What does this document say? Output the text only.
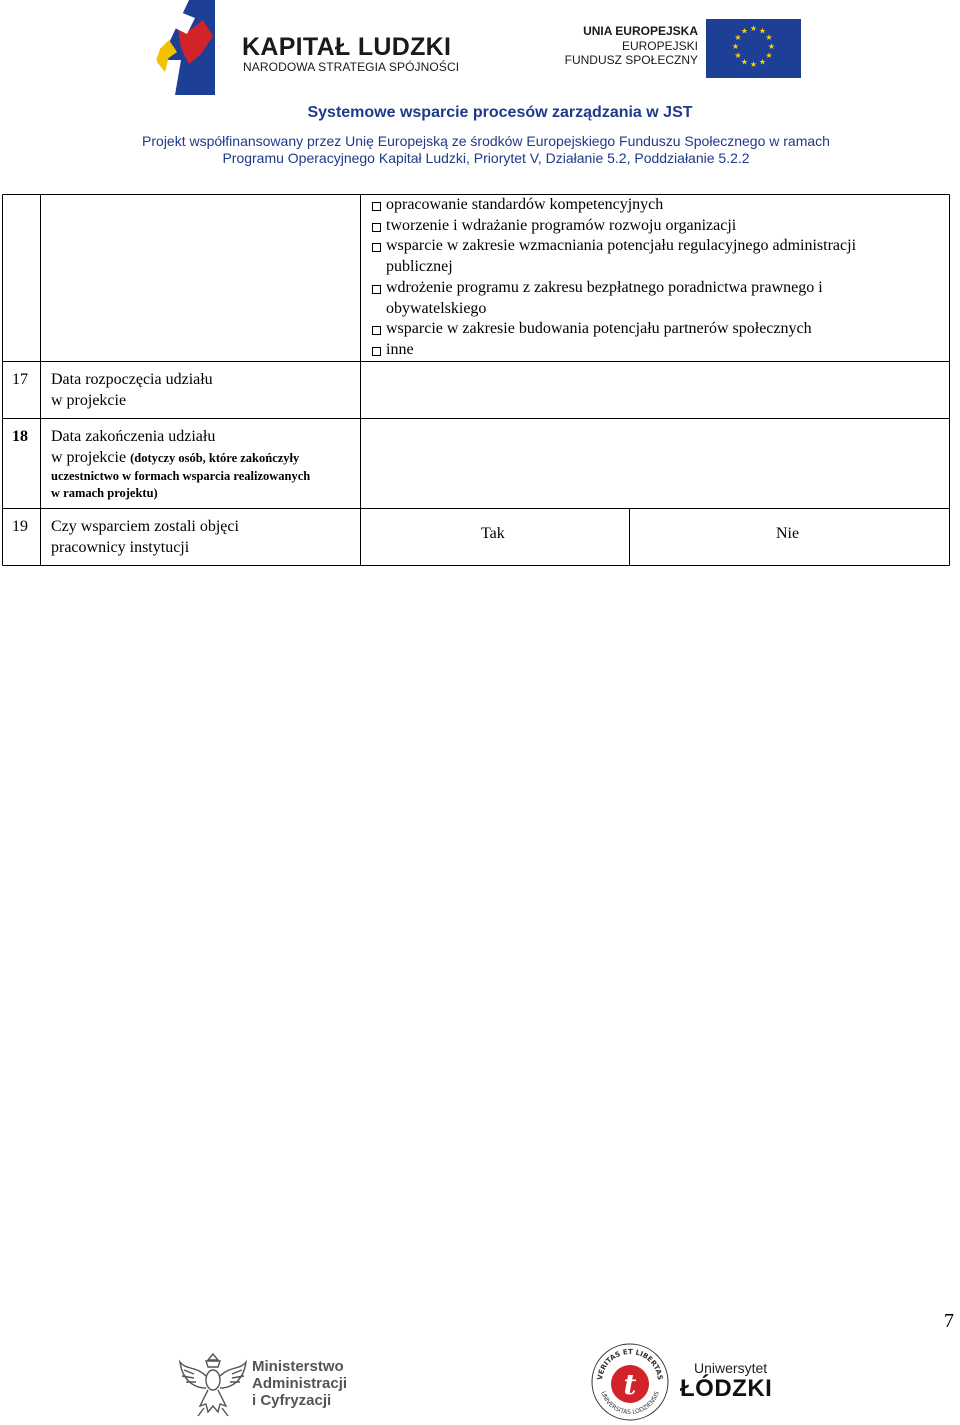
KAPITAŁ LUDZKI
NARODOWA STRATEGIA SPÓJNOŚCI
UNIA EUROPEJSKA
EUROPEJSKI
FUNDUSZ SPOŁECZNY
★ ★
★
★
★
★
★
★
★
★
★
★
Systemowe wsparcie procesów zarządzania w JST
Projekt współfinansowany przez Unię Europejską ze środków Europejskiego Funduszu Społecznego w ramach
Programu Operacyjnego Kapitał Ludzki, Priorytet V, Działanie 5.2, Poddziałanie 5.2.2
opracowanie standardów kompetencyjnych
tworzenie i wdrażanie programów rozwoju organizacji
wsparcie w zakresie wzmacniania potencjału regulacyjnego administracji
publicznej
wdrożenie programu z zakresu bezpłatnego poradnictwa prawnego i
obywatelskiego
wsparcie w zakresie budowania potencjału partnerów społecznych
inne
17 Data rozpoczęcia udziału
w projekcie
18 Data zakończenia udziału
w projekcie (dotyczy osób, które zakończyły
uczestnictwo w formach wsparcia realizowanych
w ramach projektu)
19 Czy wsparciem zostali objęci
pracownicy instytucji
Tak	Nie
7
Ministerstwo
Administracji
i Cyfryzacji
VERITAS ET LIBERTAS
UNIVERSITAS LODZIENSIS
t	Uniwersytet
ŁÓDZKI
